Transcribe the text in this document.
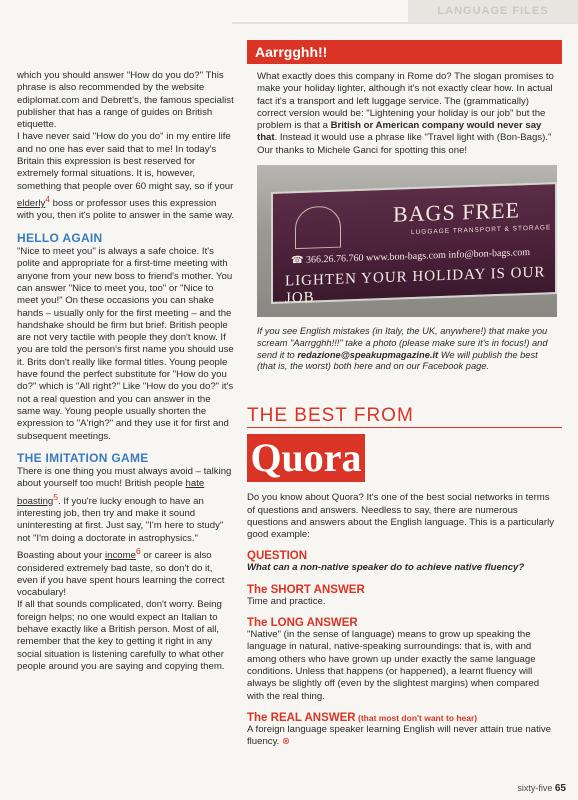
LANGUAGE FILES

which you should answer "How do you do?" This phrase is also recommended by the website ediplomat.com and Debrett's, the famous specialist publisher that has a range of guides on British etiquette.

I have never said "How do you do" in my entire life and no one has ever said that to me! In today's Britain this expression is best reserved for extremely formal situations. It is, however, something that people over 60 might say, so if your elderly$^4$ boss or professor uses this expression with you, then it's polite to answer in the same way.

HELLO AGAIN

"Nice to meet you" is always a safe choice. It's polite and appropriate for a first-time meeting with anyone from your new boss to friend's mother. You can answer "Nice to meet you, too" or "Nice to meet you!" On these occasions you can shake hands – usually only for the first meeting – and the handshake should be firm but brief. British people are not very tactile with people they don't know. If you are told the person's first name you should use it. Brits don't really like formal titles. Young people have found the perfect substitute for "How do you do?" which is "All right?" Like "How do you do?" it's not a real question and you can answer in the same way. Young people usually shorten the expression to "A'righ?" and they use it for first and subsequent meetings.

THE IMITATION GAME

There is one thing you must always avoid – talking about yourself too much! British people hate boasting$^5$. If you're lucky enough to have an interesting job, then try and make it sound uninteresting at first. Just say, "I'm here to study" not "I'm doing a doctorate in astrophysics." Boasting about your income$^6$ or career is also considered extremely bad taste, so don't do it, even if you have spent hours learning the correct vocabulary!

If all that sounds complicated, don't worry. Being foreign helps; no one would expect an Italian to behave exactly like a British person. Most of all, remember that the key to getting it right in any social situation is listening carefully to what other people around you are saying and copying them.

Aarrgghh!!
What exactly does this company in Rome do? The slogan promises to make your holiday lighter, although it's not exactly clear how. In actual fact it's a transport and left luggage service. The (grammatically) correct version would be: "Lightening your holiday is our job" but the problem is that a British or American company would never say that. Instead it would use a phrase like "Travel light with (Bon-Bags)." Our thanks to Michele Ganci for spotting this one!
BAGS FREE
LUGGAGE TRANSPORT & STORAGE
☎ 366.26.76.760 www.bon-bags.com info@bon-bags.com
LIGHTEN YOUR HOLIDAY IS OUR JOB
If you see English mistakes (in Italy, the UK, anywhere!) that make you scream "Aarrgghh!!!" take a photo (please make sure it's in focus!) and send it to redazione@speakupmagazine.it We will publish the best (that is, the worst) both here and on our Facebook page.
THE BEST FROM
Quora
Do you know about Quora? It's one of the best social networks in terms of questions and answers. Needless to say, there are numerous questions and answers about the English language. This is a particularly good example:
QUESTION
What can a non-native speaker do to achieve native fluency?
The SHORT ANSWER
Time and practice.
The LONG ANSWER
"Native" (in the sense of language) means to grow up speaking the language in natural, native-speaking surroundings: that is, with and among others who have grown up under exactly the same language conditions. Unless that happens (or happened), a learnt fluency will always be slightly off (even by the slightest margins) when compared with the real thing.
The REAL ANSWER (that most don't want to hear)
A foreign language speaker learning English will never attain true native fluency. ⊗
sixty-five 65
